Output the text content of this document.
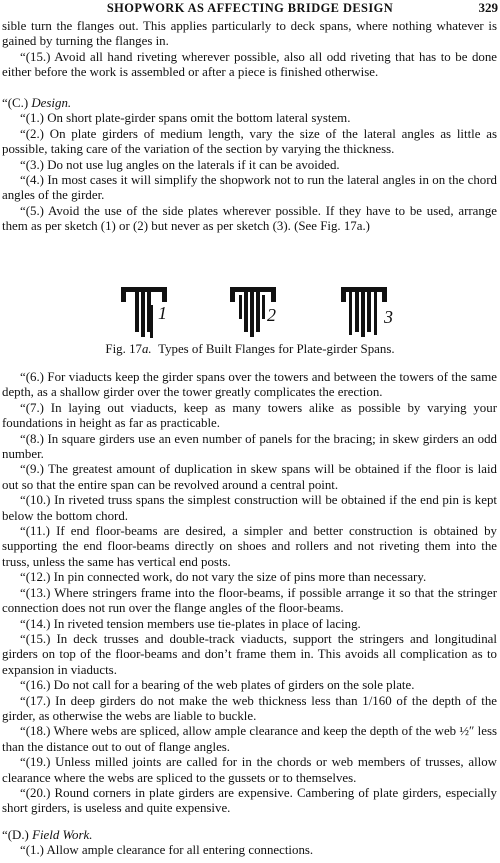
SHOPWORK AS AFFECTING BRIDGE DESIGN	329

sible turn the flanges out. This applies particularly to deck spans, where nothing whatever is gained by turning the flanges in.

“(15.) Avoid all hand riveting wherever possible, also all odd riveting that has to be done either before the work is assembled or after a piece is finished otherwise.

“(C.) Design.

“(1.) On short plate-girder spans omit the bottom lateral system.

“(2.) On plate girders of medium length, vary the size of the lateral angles as little as possible, taking care of the variation of the section by varying the thickness.

“(3.) Do not use lug angles on the laterals if it can be avoided.

“(4.) In most cases it will simplify the shopwork not to run the lateral angles in on the chord angles of the girder.

“(5.) Avoid the use of the side plates wherever possible. If they have to be used, arrange them as per sketch (1) or (2) but never as per sketch (3). (See Fig. 17a.)

1	2	3
Fig. 17a. Types of Built Flanges for Plate-girder Spans.

“(6.) For viaducts keep the girder spans over the towers and between the towers of the same depth, as a shallow girder over the tower greatly complicates the erection.

“(7.) In laying out viaducts, keep as many towers alike as possible by varying your foundations in height as far as practicable.

“(8.) In square girders use an even number of panels for the bracing; in skew girders an odd number.

“(9.) The greatest amount of duplication in skew spans will be obtained if the floor is laid out so that the entire span can be revolved around a central point.

“(10.) In riveted truss spans the simplest construction will be obtained if the end pin is kept below the bottom chord.

“(11.) If end floor-beams are desired, a simpler and better construction is obtained by supporting the end floor-beams directly on shoes and rollers and not riveting them into the truss, unless the same has vertical end posts.

“(12.) In pin connected work, do not vary the size of pins more than necessary.

“(13.) Where stringers frame into the floor-beams, if possible arrange it so that the stringer connection does not run over the flange angles of the floor-beams.

“(14.) In riveted tension members use tie-plates in place of lacing.

“(15.) In deck trusses and double-track viaducts, support the stringers and longitudinal girders on top of the floor-beams and don’t frame them in. This avoids all complication as to expansion in viaducts.

“(16.) Do not call for a bearing of the web plates of girders on the sole plate.

“(17.) In deep girders do not make the web thickness less than 1/160 of the depth of the girder, as otherwise the webs are liable to buckle.

“(18.) Where webs are spliced, allow ample clearance and keep the depth of the web ½″ less than the distance out to out of flange angles.

“(19.) Unless milled joints are called for in the chords or web members of trusses, allow clearance where the webs are spliced to the gussets or to themselves.

“(20.) Round corners in plate girders are expensive. Cambering of plate girders, especially short girders, is useless and quite expensive.

“(D.) Field Work.

“(1.) Allow ample clearance for all entering connections.
